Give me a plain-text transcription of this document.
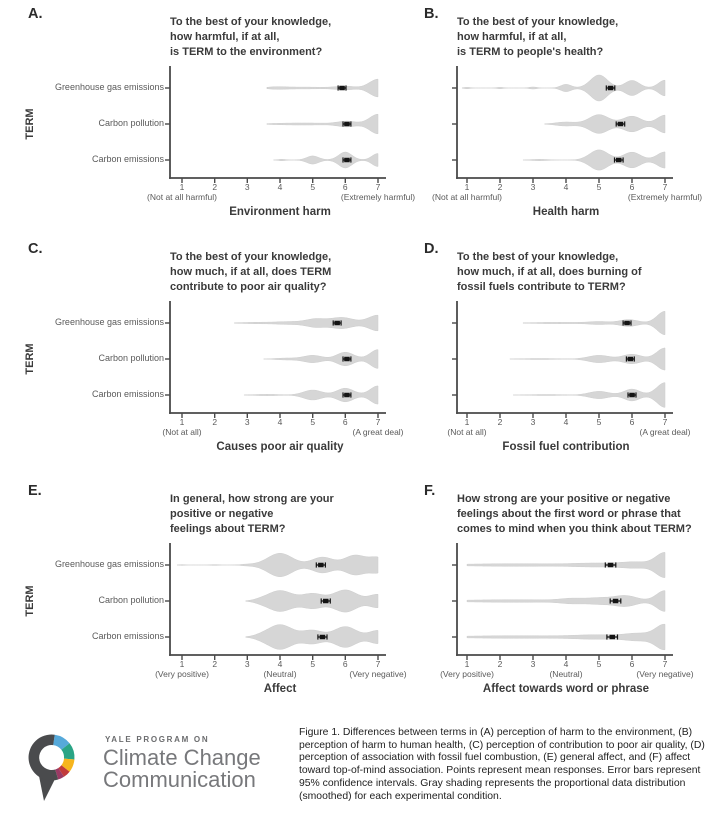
A.	To the best of your knowledge,
how harmful, if at all,
is TERM to the environment?
1	2	3	4	5	6	7
(Not at all harmful)	(Extremely harmful)
Environment harm
Greenhouse gas emissions
Carbon pollution
Carbon emissions
TERM
B. To the best of your knowledge,
how harmful, if at all,
is TERM to people's health?
1	2	3	4	5	6	7
(Not at all harmful)	(Extremely harmful)
Health harm
C.	To the best of your knowledge,
how much, if at all, does TERM
contribute to poor air quality?
1	2	3	4	5	6	7
(Not at all)	(A great deal)
Causes poor air quality
Greenhouse gas emissions
Carbon pollution
Carbon emissions
TERM
D. To the best of your knowledge,
how much, if at all, does burning of
fossil fuels contribute to TERM?
1	2	3	4	5	6	7
(Not at all)	(A great deal)
Fossil fuel contribution
E.	In general, how strong are your
positive or negative
feelings about TERM?
1	2	3	4	5	6	7
(Very positive)	(Neutral)	(Very negative)
Affect
Greenhouse gas emissions
Carbon pollution
Carbon emissions
TERM
F. How strong are your positive or negative
feelings about the first word or phrase that
comes to mind when you think about TERM?
1	2	3	4	5	6	7
(Very positive)	(Neutral)	(Very negative)
Affect towards word or phrase
YALE PROGRAM ON
Climate Change
Communication
Figure 1. Differences between terms in (A) perception of harm to the environment, (B) perception of harm to human health, (C) perception of contribution to poor air quality, (D) perception of association with fossil fuel combustion, (E) general affect, and (F) affect toward top-of-mind association. Points represent mean responses. Error bars represent 95% confidence intervals. Gray shading represents the proportional data distribution (smoothed) for each experimental condition.
